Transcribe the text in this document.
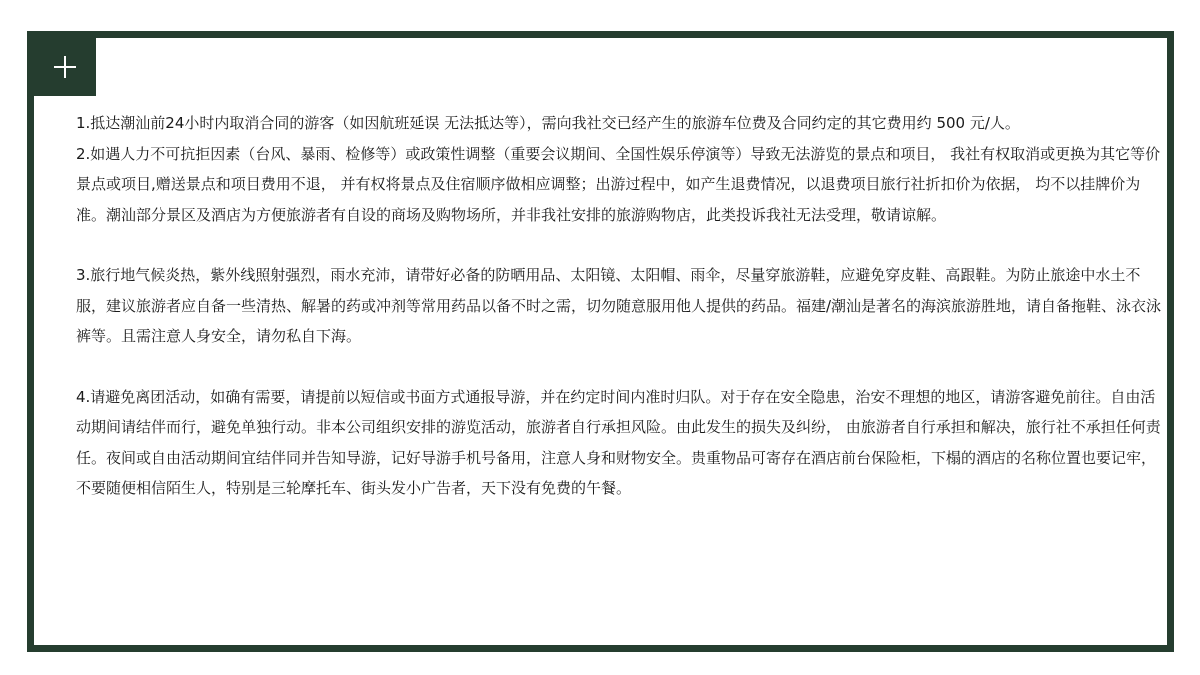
1.抵达潮汕前24小时内取消合同的游客（如因航班延误 无法抵达等），需向我社交已经产生的旅游车位费及合同约定的其它费用约 500 元/人。

2.如遇人力不可抗拒因素（台风、暴雨、检修等）或政策性调整（重要会议期间、全国性娱乐停演等）导致无法游览的景点和项目， 我社有权取消或更换为其它等价景点或项目,赠送景点和项目费用不退， 并有权将景点及住宿顺序做相应调整；出游过程中，如产生退费情况，以退费项目旅行社折扣价为依据， 均不以挂牌价为准。潮汕部分景区及酒店为方便旅游者有自设的商场及购物场所，并非我社安排的旅游购物店，此类投诉我社无法受理，敬请谅解。

3.旅行地气候炎热，紫外线照射强烈，雨水充沛，请带好必备的防晒用品、太阳镜、太阳帽、雨伞，尽量穿旅游鞋，应避免穿皮鞋、高跟鞋。为防止旅途中水土不服，建议旅游者应自备一些清热、解暑的药或冲剂等常用药品以备不时之需，切勿随意服用他人提供的药品。福建/潮汕是著名的海滨旅游胜地，请自备拖鞋、泳衣泳裤等。且需注意人身安全，请勿私自下海。

4.请避免离团活动，如确有需要，请提前以短信或书面方式通报导游，并在约定时间内准时归队。对于存在安全隐患，治安不理想的地区，请游客避免前往。自由活动期间请结伴而行，避免单独行动。非本公司组织安排的游览活动，旅游者自行承担风险。由此发生的损失及纠纷， 由旅游者自行承担和解决，旅行社不承担任何责任。夜间或自由活动期间宜结伴同并告知导游，记好导游手机号备用，注意人身和财物安全。贵重物品可寄存在酒店前台保险柜，下榻的酒店的名称位置也要记牢，不要随便相信陌生人，特别是三轮摩托车、街头发小广告者，天下没有免费的午餐。
